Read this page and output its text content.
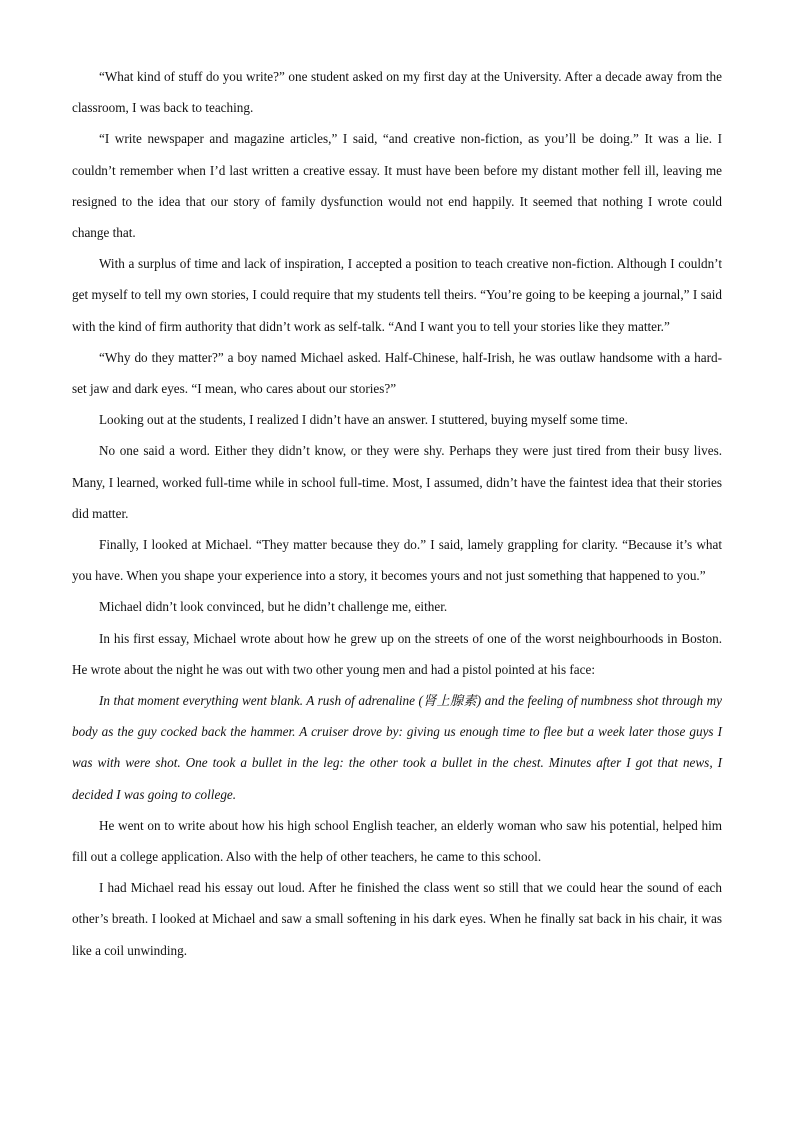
“What kind of stuff do you write?” one student asked on my first day at the University. After a decade away from the classroom, I was back to teaching.

“I write newspaper and magazine articles,” I said, “and creative non-fiction, as you’ll be doing.” It was a lie. I couldn’t remember when I’d last written a creative essay. It must have been before my distant mother fell ill, leaving me resigned to the idea that our story of family dysfunction would not end happily. It seemed that nothing I wrote could change that.

With a surplus of time and lack of inspiration, I accepted a position to teach creative non-fiction. Although I couldn’t get myself to tell my own stories, I could require that my students tell theirs. “You’re going to be keeping a journal,” I said with the kind of firm authority that didn’t work as self-talk. “And I want you to tell your stories like they matter.”

“Why do they matter?” a boy named Michael asked. Half-Chinese, half-Irish, he was outlaw handsome with a hard-set jaw and dark eyes. “I mean, who cares about our stories?”

Looking out at the students, I realized I didn’t have an answer. I stuttered, buying myself some time.

No one said a word. Either they didn’t know, or they were shy. Perhaps they were just tired from their busy lives. Many, I learned, worked full-time while in school full-time. Most, I assumed, didn’t have the faintest idea that their stories did matter.

Finally, I looked at Michael. “They matter because they do.” I said, lamely grappling for clarity. “Because it’s what you have. When you shape your experience into a story, it becomes yours and not just something that happened to you.”

Michael didn’t look convinced, but he didn’t challenge me, either.

In his first essay, Michael wrote about how he grew up on the streets of one of the worst neighbourhoods in Boston. He wrote about the night he was out with two other young men and had a pistol pointed at his face:

In that moment everything went blank. A rush of adrenaline (肾上腺素) and the feeling of numbness shot through my body as the guy cocked back the hammer. A cruiser drove by: giving us enough time to flee but a week later those guys I was with were shot. One took a bullet in the leg: the other took a bullet in the chest. Minutes after I got that news, I decided I was going to college.

He went on to write about how his high school English teacher, an elderly woman who saw his potential, helped him fill out a college application. Also with the help of other teachers, he came to this school.

I had Michael read his essay out loud. After he finished the class went so still that we could hear the sound of each other’s breath. I looked at Michael and saw a small softening in his dark eyes. When he finally sat back in his chair, it was like a coil unwinding.
